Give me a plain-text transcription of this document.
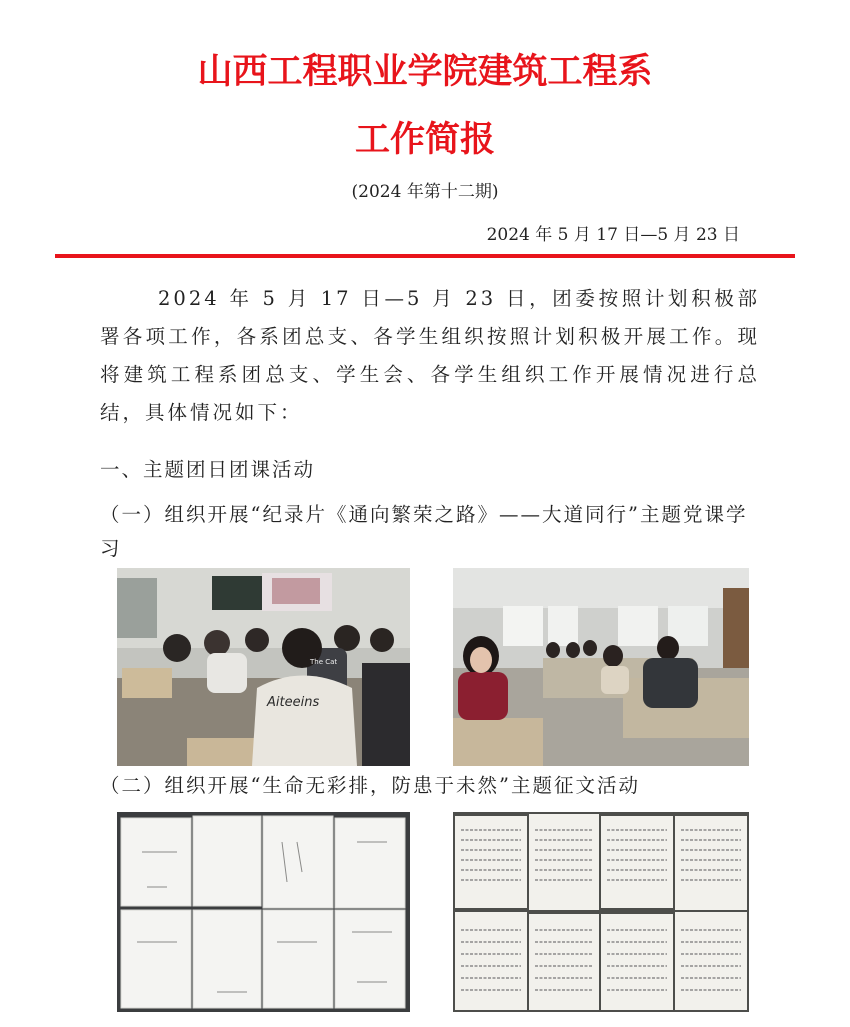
山西工程职业学院建筑工程系
工作简报
(2024 年第十二期)
2024 年 5 月 17 日—5 月 23 日
2024 年 5 月 17 日—5 月 23 日，团委按照计划积极部署各项工作，各系团总支、各学生组织按照计划积极开展工作。现将建筑工程系团总支、学生会、各学生组织工作开展情况进行总结，具体情况如下：
一、主题团日团课活动
（一）组织开展“纪录片《通向繁荣之路》——大道同行”主题党课学习
Aiteeins
The Cat
（二）组织开展“生命无彩排，防患于未然”主题征文活动
